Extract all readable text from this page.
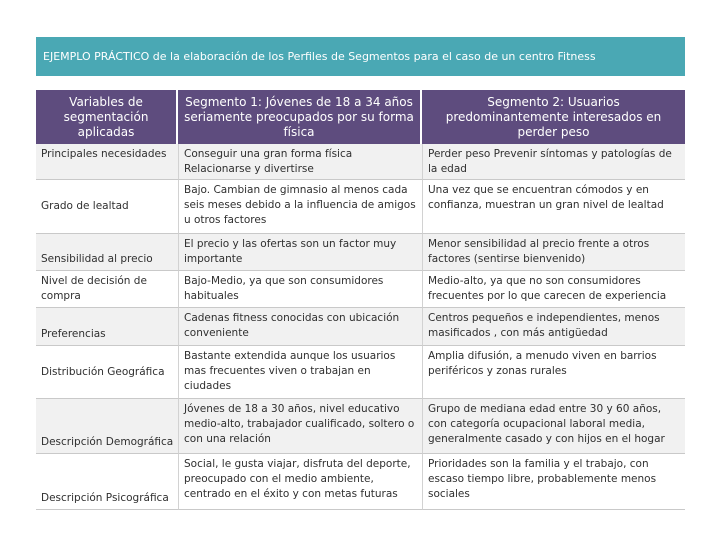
EJEMPLO PRÁCTICO de la elaboración de los Perfiles de Segmentos para el caso de un centro Fitness
Variables de segmentación aplicadas	Segmento 1: Jóvenes de 18 a 34 años seriamente preocupados por su forma física	Segmento 2: Usuarios predominantemente interesados en perder peso
Principales necesidades	Conseguir una gran forma física Relacionarse y divertirse	Perder peso Prevenir síntomas y patologías de la edad
Grado de lealtad	Bajo. Cambian de gimnasio al menos cada seis meses debido a la influencia de amigos u otros factores	Una vez que se encuentran cómodos y en confianza, muestran un gran nivel de lealtad
Sensibilidad al precio	El precio y las ofertas son un factor muy importante	Menor sensibilidad al precio frente a otros factores (sentirse bienvenido)
Nivel de decisión de compra	Bajo-Medio, ya que son consumidores habituales	Medio-alto, ya que no son consumidores frecuentes por lo que carecen de experiencia
Preferencias	Cadenas fitness conocidas con ubicación conveniente	Centros pequeños e independientes, menos masificados , con más antigüedad
Distribución Geográfica	Bastante extendida aunque los usuarios mas frecuentes viven o trabajan en ciudades	Amplia difusión, a menudo viven en barrios periféricos y zonas rurales
Descripción Demográfica	Jóvenes de 18 a 30 años, nivel educativo medio-alto, trabajador cualificado, soltero o con una relación	Grupo de mediana edad entre 30 y 60 años, con categoría ocupacional laboral media, generalmente casado y con hijos en el hogar
Descripción Psicográfica	Social, le gusta viajar, disfruta del deporte, preocupado con el medio ambiente, centrado en el éxito y con metas futuras	Prioridades son la familia y el trabajo, con escaso tiempo libre, probablemente menos sociales
